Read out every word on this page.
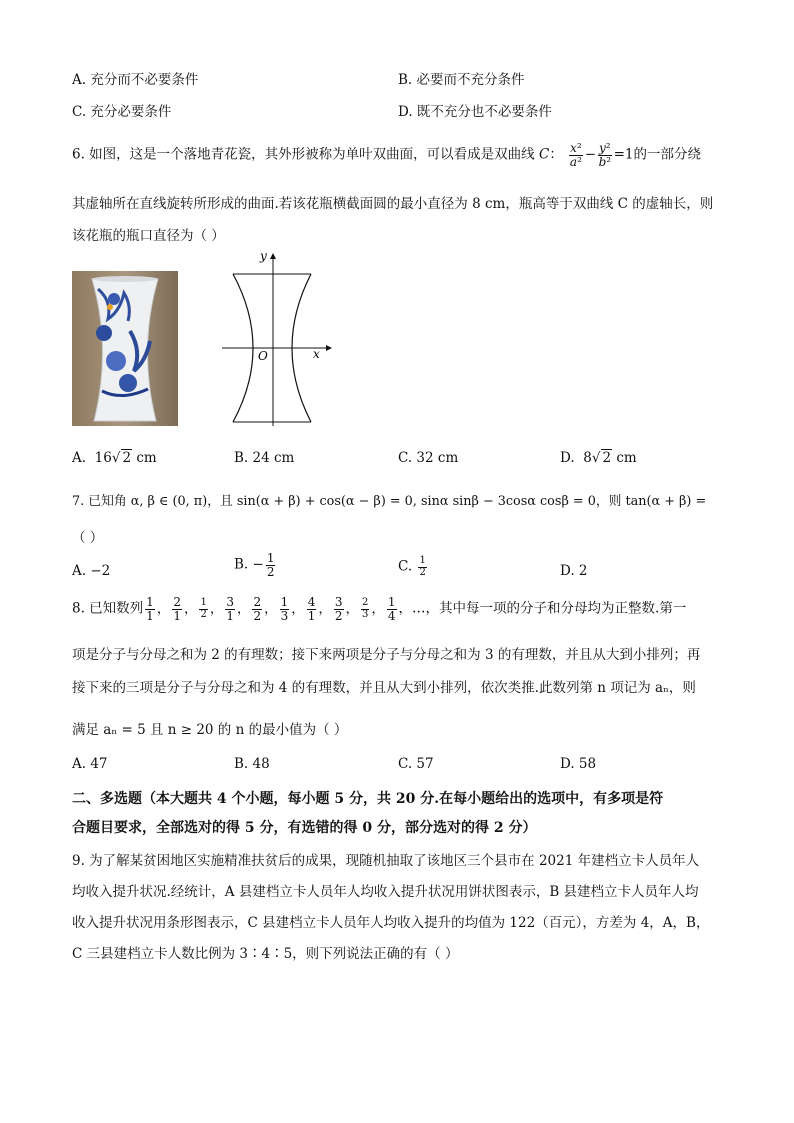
A. 充分而不必要条件	B. 必要而不充分条件
C. 充分必要条件	D. 既不充分也不必要条件
6. 如图，这是一个落地青花瓷，其外形被称为单叶双曲面，可以看成是双曲线 C： $\frac{\text{x²}}{\text{a²}} - \frac{\text{y²}}{\text{b²}} =1$的一部分绕
其虚轴所在直线旋转所形成的曲面.若该花瓶横截面圆的最小直径为 8 cm，瓶高等于双曲线 C 的虚轴长，则
该花瓶的瓶口直径为（ ）
y
x
O
A. 16√ 2 cm	B. 24 cm	C. 32 cm	D. 8√ 2 cm
7. 已知角 α, β ∈ (0, π)，且 sin(α + β) + cos(α − β) = 0, sinα sinβ − 3cosα cosβ = 0，则 tan(α + β) =
（ ）
A. −2	B. − $\frac{1}{2}$	C. $\frac{1}{2}$	D. 2
8. 已知数列 $\frac{1}{1}$ ， $\frac{2}{1}$ ， $\frac{1}{2}$ ， $\frac{3}{1}$ ， $\frac{2}{2}$ ， $\frac{1}{3}$ ， $\frac{4}{1}$ ， $\frac{3}{2}$ ， $\frac{2}{3}$ ， $\frac{1}{4}$ ，…，其中每一项的分子和分母均为正整数.第一
项是分子与分母之和为 2 的有理数；接下来两项是分子与分母之和为 3 的有理数，并且从大到小排列；再
接下来的三项是分子与分母之和为 4 的有理数，并且从大到小排列，依次类推.此数列第 n 项记为 aₙ，则
满足 aₙ = 5 且 n ≥ 20 的 n 的最小值为（ ）
A. 47	B. 48	C. 57	D. 58
二、多选题（本大题共 4 个小题，每小题 5 分，共 20 分.在每小题给出的选项中，有多项是符
合题目要求，全部选对的得 5 分，有选错的得 0 分，部分选对的得 2 分）
9. 为了解某贫困地区实施精准扶贫后的成果，现随机抽取了该地区三个县市在 2021 年建档立卡人员年人
均收入提升状况.经统计，A 县建档立卡人员年人均收入提升状况用饼状图表示，B 县建档立卡人员年人均
收入提升状况用条形图表示，C 县建档立卡人员年人均收入提升的均值为 122（百元），方差为 4，A，B，
C 三县建档立卡人数比例为 3∶4∶5，则下列说法正确的有（ ）
